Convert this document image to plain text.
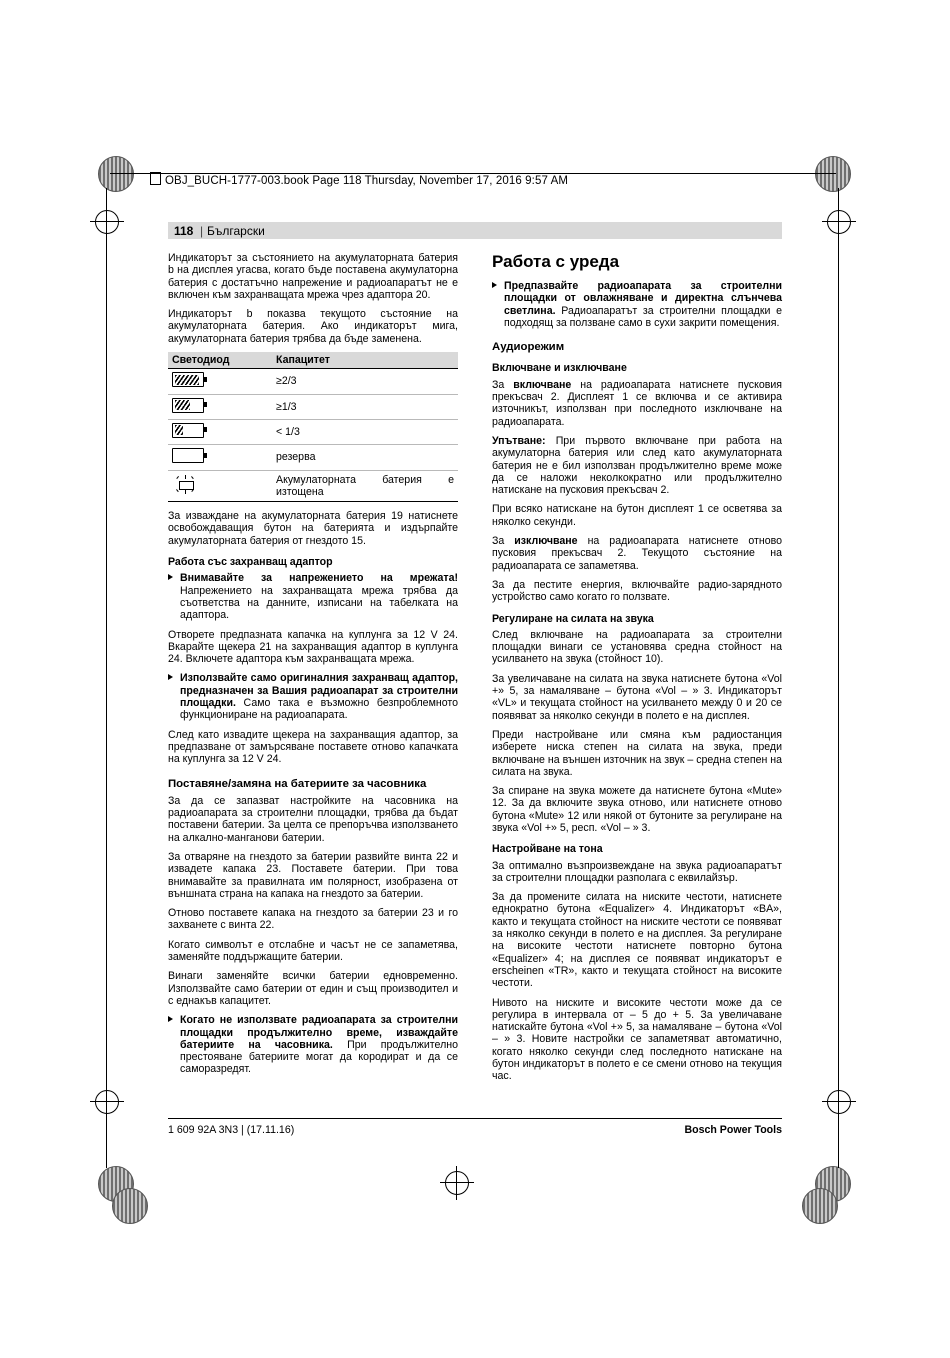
OBJ_BUCH-1777-003.book Page 118 Thursday, November 17, 2016 9:57 AM
118 | Български

Индикаторът за състоянието на акумулаторната батерия b на дисплея угасва, когато бъде поставена акумулаторна батерия с достатъчно напрежение и радиоапаратът не е включен към захранващата мрежа чрез адаптора 20.

Индикаторът b показва текущото състояние на акумулаторната батерия. Ако индикаторът мига, акумулаторната батерия трябва да бъде заменена.

Светодиод	Капацитет

	≥2/3

	≥1/3

	< 1/3

	резерва

	Акумулаторната батерия е изтощена

За изваждане на акумулаторната батерия 19 натиснете освобождаващия бутон на батерията и издърпайте акумулаторната батерия от гнездото 15.

Работа със захранващ адаптор
Внимавайте за напрежението на мрежата! Напрежението на захранващата мрежа трябва да съответства на данните, изписани на табелката на адаптора.

Отворете предпазната капачка на куплунга за 12 V 24. Вкарайте щекера 21 на захранващия адаптор в куплунга 24. Включете адаптора към захранващата мрежа.

Използвайте само оригиналния захранващ адаптор, предназначен за Вашия радиоапарат за строителни площадки. Само така е възможно безпроблемното функциониране на радиоапарата.

След като извадите щекера на захранващия адаптор, за предпазване от замърсяване поставете отново капачката на куплунга за 12 V 24.

Поставяне/замяна на батериите за часовника

За да се запазват настройките на часовника на радиоапарата за строителни площадки, трябва да бъдат поставени батерии. За целта се препоръчва използването на алкално-манганови батерии.

За отваряне на гнездото за батерии развийте винта 22 и извадете капака 23. Поставете батерии. При това внимавайте за правилната им полярност, изобразена от външната страна на капака на гнездото за батерии.

Отново поставете капака на гнездото за батерии 23 и го захванете с винта 22.

Когато символът e отслабне и часът не се запаметява, заменяйте поддържащите батерии.

Винаги заменяйте всички батерии едновременно. Използвайте само батерии от един и същ производител и с еднакъв капацитет.

Когато не използвате радиоапарата за строителни площадки продължително време, изваждайте батериите на часовника. При продължително престояване батериите могат да кородират и да се саморазредят.
Работа с уреда
Предпазвайте радиоапарата за строителни площадки от овлажняване и директна слънчева светлина. Радиоапаратът за строителни площадки е подходящ за ползване само в сухи закрити помещения.
Аудиорежим
Включване и изключване

За включване на радиоапарата натиснете пусковия прекъсвач 2. Дисплеят 1 се включва и се активира източникът, използван при последното изключване на радиоапарата.

Упътване: При първото включване при работа на акумулаторна батерия или след като акумулаторната батерия не е бил използван продължително време може да се наложи неколкократно или продължително натискане на пусковия прекъсвач 2.

При всяко натискане на бутон дисплеят 1 се осветява за няколко секунди.

За изключване на радиоапарата натиснете отново пусковия прекъсвач 2. Текущото състояние на радиоапарата се запаметява.

За да пестите енергия, включвайте радио-зарядното устройство само когато го ползвате.

Регулиране на силата на звука

След включване на радиоапарата за строителни площадки винаги се установява средна стойност на усилването на звука (стойност 10).

За увеличаване на силата на звука натиснете бутона «Vol +» 5, за намаляване – бутона «Vol – » 3. Индикаторът «VL» и текущата стойност на усилването между 0 и 20 се появяват за няколко секунди в полето e на дисплея.

Преди настройване или смяна към радиостанция изберете ниска степен на силата на звука, преди включване на външен източник на звук – средна степен на силата на звука.

За спиране на звука можете да натиснете бутона «Mute» 12. За да включите звука отново, или натиснете отново бутона «Mute» 12 или някой от бутоните за регулиране на звука «Vol +» 5, респ. «Vol – » 3.

Настройване на тона

За оптимално възпроизвеждане на звука радиоапаратът за строителни площадки разполага с еквилайзър.

За да промените силата на ниските честоти, натиснете еднократно бутона «Equalizer» 4. Индикаторът «BA», както и текущата стойност на ниските честоти се появяват за няколко секунди в полето e на дисплея. За регулиране на високите честоти натиснете повторно бутона «Equalizer» 4; на дисплея се появяват индикаторът e erscheinen «TR», както и текущата стойност на високите честоти.

Нивото на ниските и високите честоти може да се регулира в интервала от – 5 до + 5. За увеличаване натискайте бутона «Vol +» 5, за намаляване – бутона «Vol – » 3. Новите настройки се запаметяват автоматично, когато няколко секунди след последното натискане на бутон индикаторът в полето e се смени отново на текущия час.

1 609 92A 3N3 | (17.11.16)	Bosch Power Tools
